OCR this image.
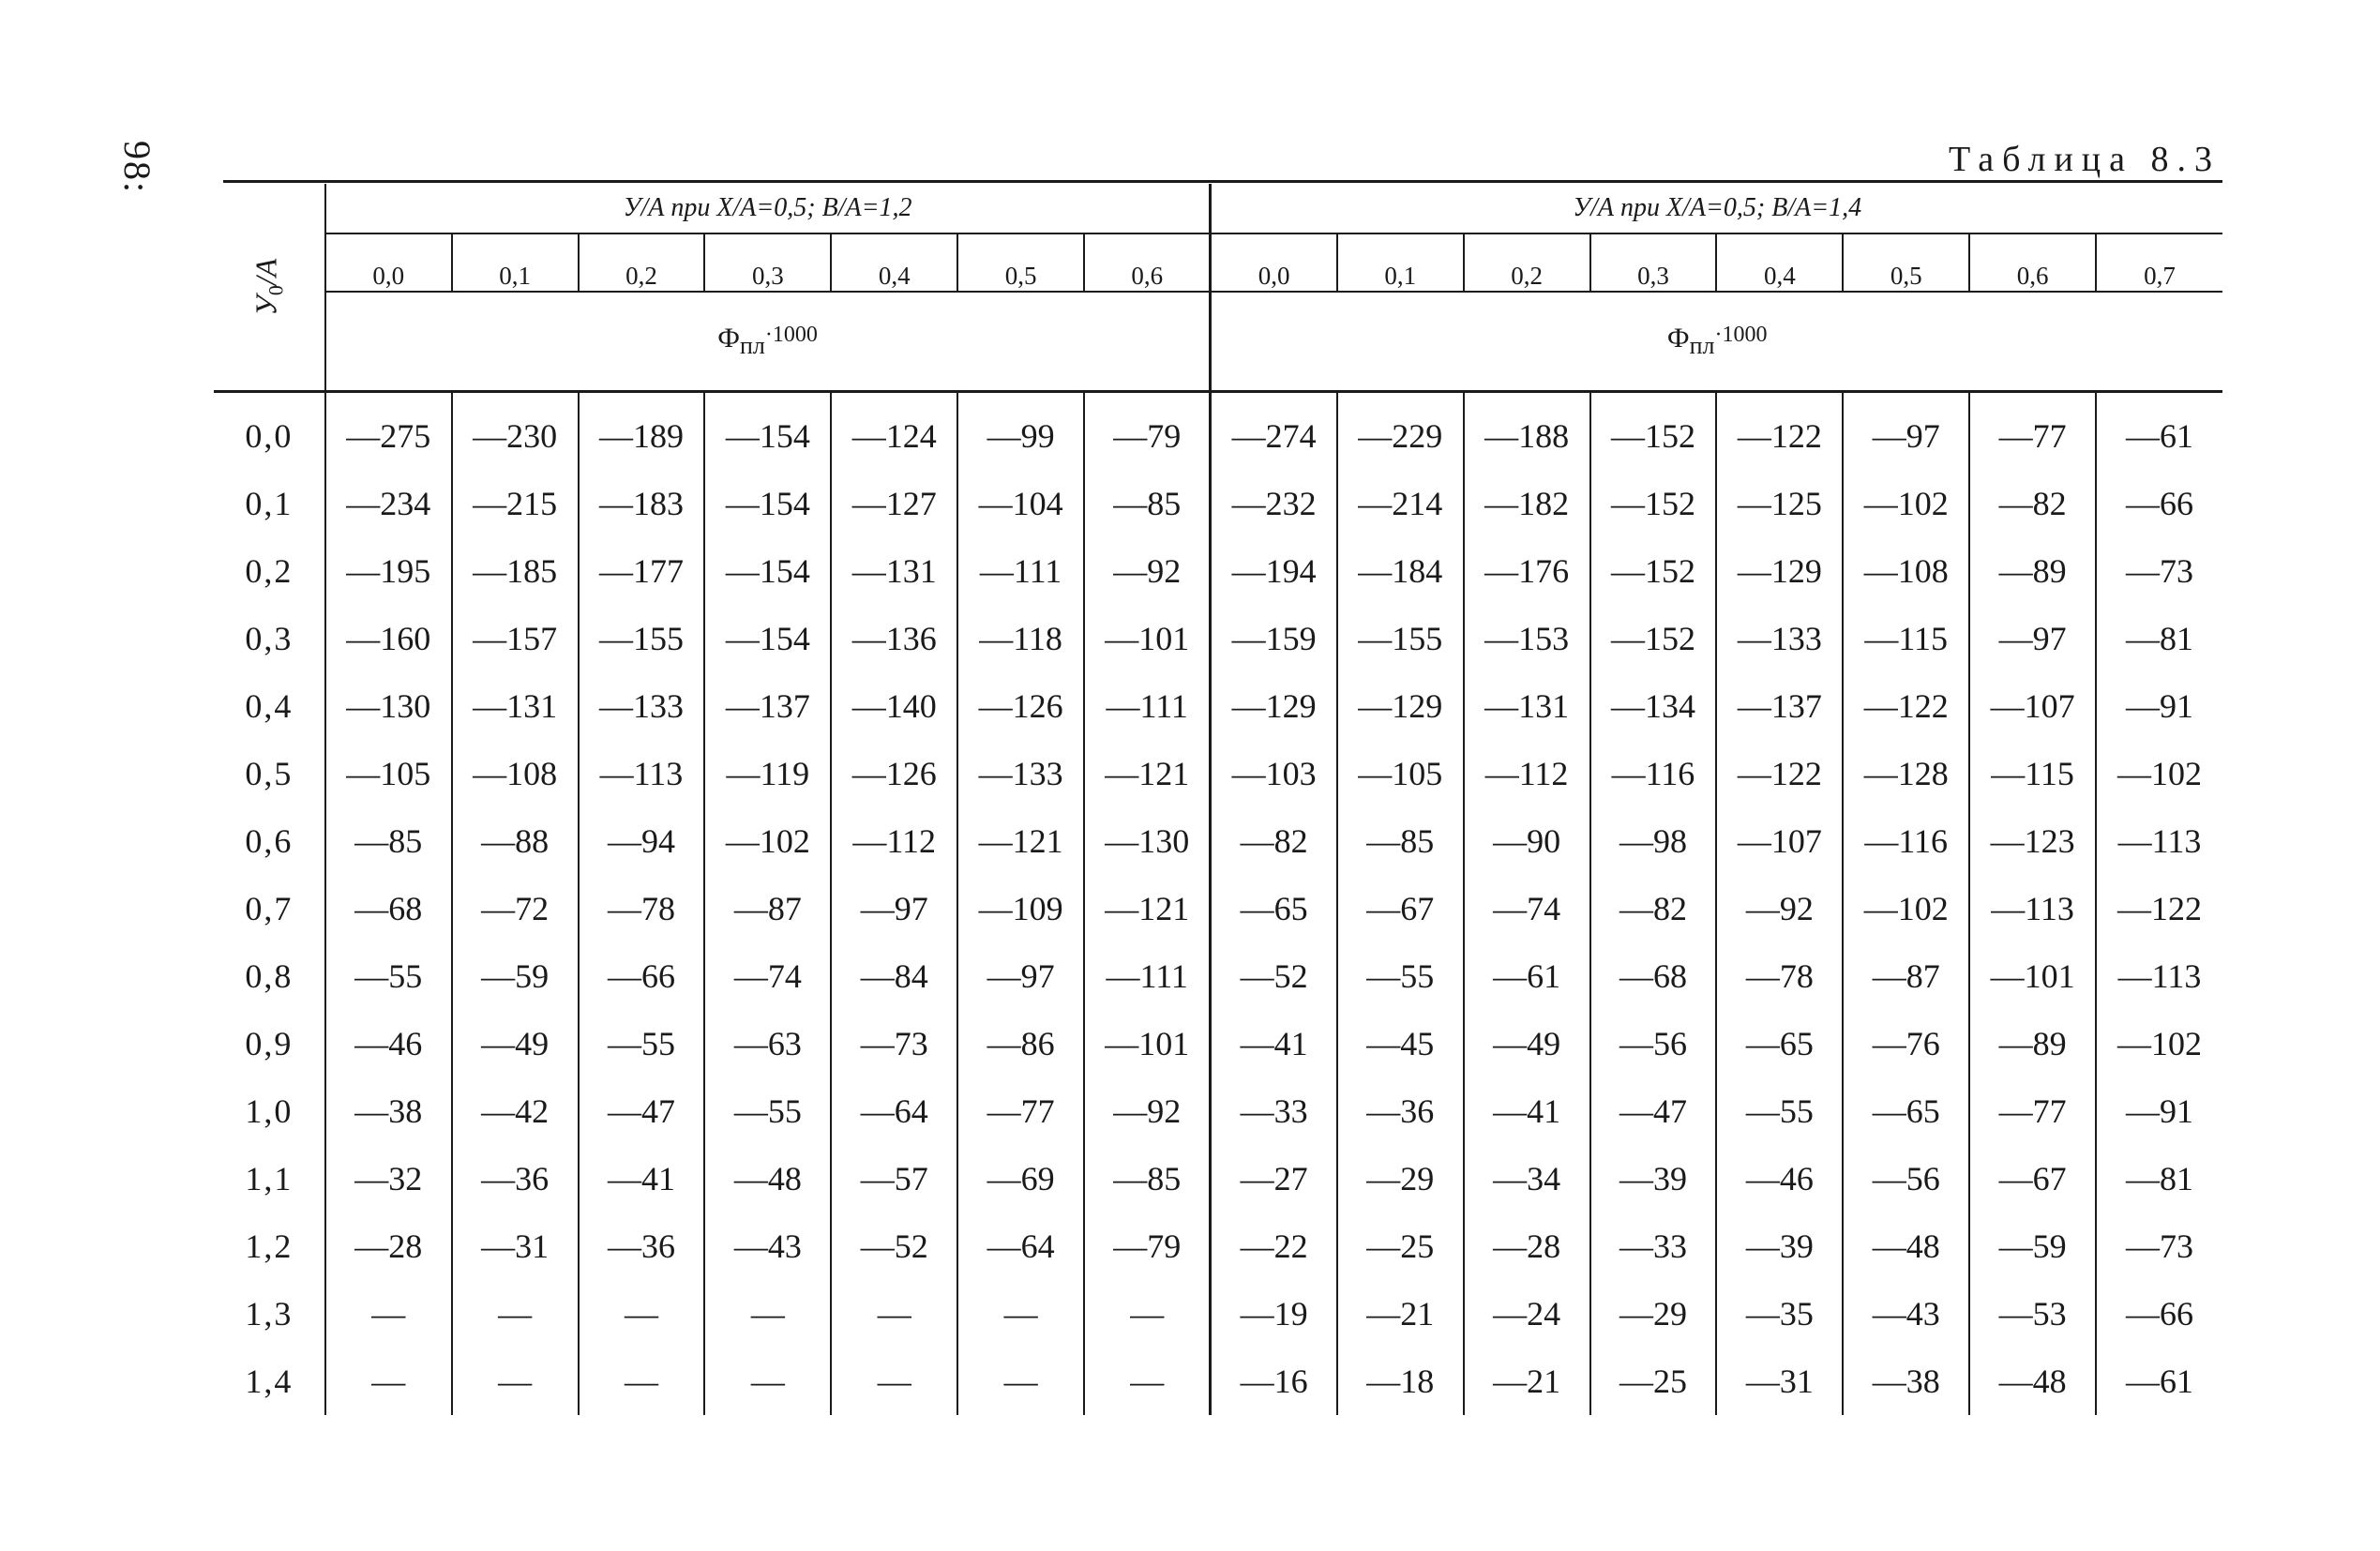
98:	Таблица 8.3
$У_0/А$	У/А при X/A=0,5; B/A=1,2							У/А при X/A=0,5; B/A=1,4							
	0,0	0,1	0,2	0,3	0,4	0,5	0,6	0,0	0,1	0,2	0,3	0,4	0,5	0,6	0,7
	$Ф_{пл}^{\cdot 1000}$							$Ф_{пл}^{\cdot 1000}$
0,0	—275	—230	—189	—154	—124	—99	—79	—274	—229	—188	—152	—122	—97	—77	—61
0,1	—234	—215	—183	—154	—127	—104	—85	—232	—214	—182	—152	—125	—102	—82	—66
0,2	—195	—185	—177	—154	—131	—111	—92	—194	—184	—176	—152	—129	—108	—89	—73
0,3	—160	—157	—155	—154	—136	—118	—101	—159	—155	—153	—152	—133	—115	—97	—81
0,4	—130	—131	—133	—137	—140	—126	—111	—129	—129	—131	—134	—137	—122	—107	—91
0,5	—105	—108	—113	—119	—126	—133	—121	—103	—105	—112	—116	—122	—128	—115	—102
0,6	—85	—88	—94	—102	—112	—121	—130	—82	—85	—90	—98	—107	—116	—123	—113
0,7	—68	—72	—78	—87	—97	—109	—121	—65	—67	—74	—82	—92	—102	—113	—122
0,8	—55	—59	—66	—74	—84	—97	—111	—52	—55	—61	—68	—78	—87	—101	—113
0,9	—46	—49	—55	—63	—73	—86	—101	—41	—45	—49	—56	—65	—76	—89	—102
1,0	—38	—42	—47	—55	—64	—77	—92	—33	—36	—41	—47	—55	—65	—77	—91
1,1	—32	—36	—41	—48	—57	—69	—85	—27	—29	—34	—39	—46	—56	—67	—81
1,2	—28	—31	—36	—43	—52	—64	—79	—22	—25	—28	—33	—39	—48	—59	—73
1,3	—	—	—	—	—	—	—	—19	—21	—24	—29	—35	—43	—53	—66
1,4	—	—	—	—	—	—	—	—16	—18	—21	—25	—31	—38	—48	—61
